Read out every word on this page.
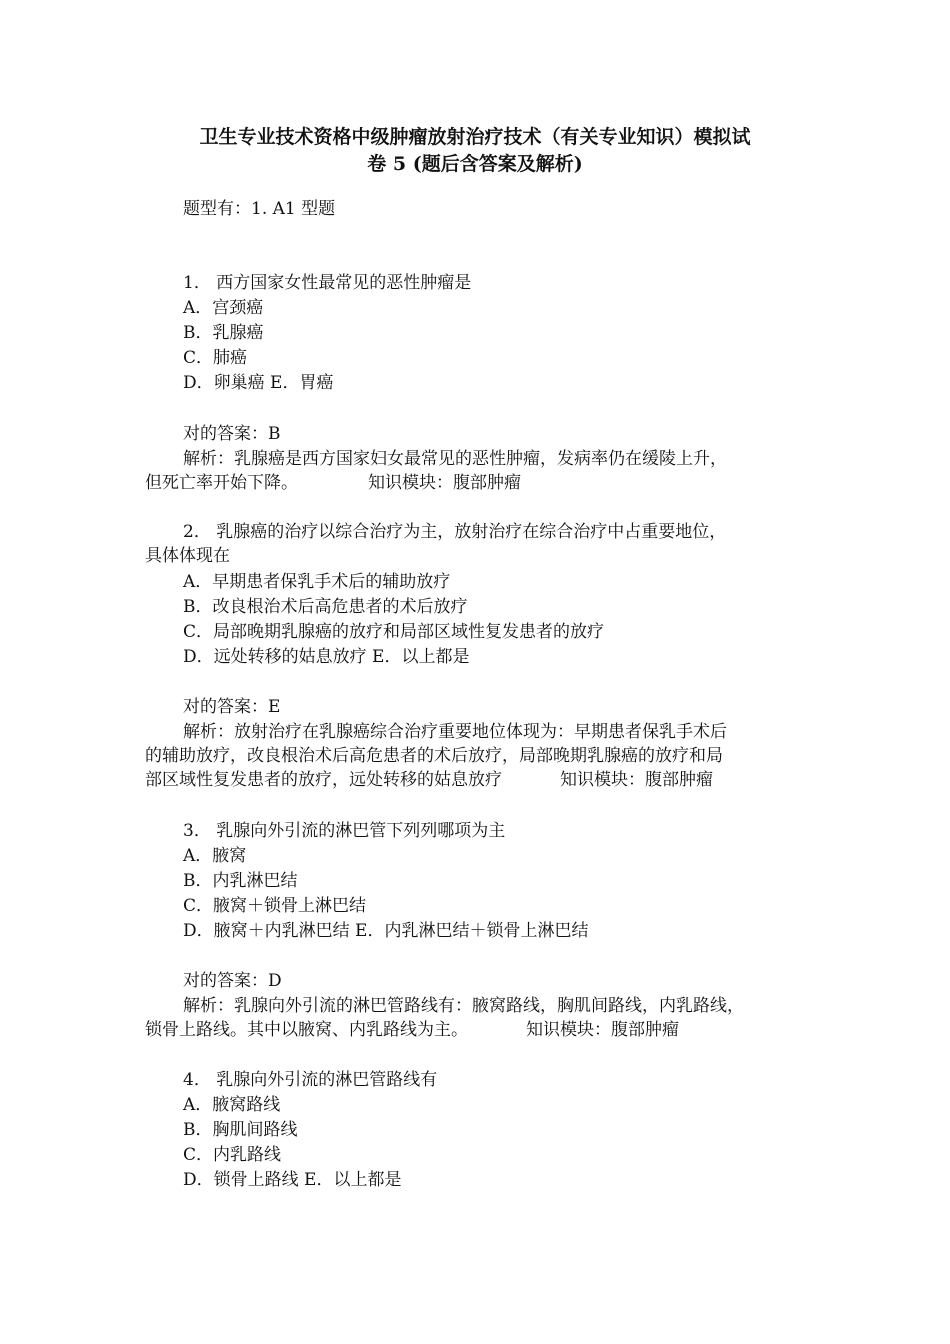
卫生专业技术资格中级肿瘤放射治疗技术（有关专业知识）模拟试
卷 5 (题后含答案及解析)
题型有：1. A1 型题
1． 西方国家女性最常见的恶性肿瘤是
A．宫颈癌
B．乳腺癌
C．肺癌
D．卵巢癌 E．胃癌
对的答案：B
解析：乳腺癌是西方国家妇女最常见的恶性肿瘤，发病率仍在缓陵上升，
但死亡率开始下降。	知识模块：腹部肿瘤
2． 乳腺癌的治疗以综合治疗为主，放射治疗在综合治疗中占重要地位，
具体体现在
A．早期患者保乳手术后的辅助放疗
B．改良根治术后高危患者的术后放疗
C．局部晚期乳腺癌的放疗和局部区域性复发患者的放疗
D．远处转移的姑息放疗 E．以上都是
对的答案：E
解析：放射治疗在乳腺癌综合治疗重要地位体现为：早期患者保乳手术后
的辅助放疗，改良根治术后高危患者的术后放疗，局部晚期乳腺癌的放疗和局
部区域性复发患者的放疗，远处转移的姑息放疗	知识模块：腹部肿瘤
3． 乳腺向外引流的淋巴管下列列哪项为主
A．腋窝
B．内乳淋巴结
C．腋窝＋锁骨上淋巴结
D．腋窝＋内乳淋巴结 E．内乳淋巴结＋锁骨上淋巴结
对的答案：D
解析：乳腺向外引流的淋巴管路线有：腋窝路线，胸肌间路线，内乳路线，
锁骨上路线。其中以腋窝、内乳路线为主。	知识模块：腹部肿瘤
4． 乳腺向外引流的淋巴管路线有
A．腋窝路线
B．胸肌间路线
C．内乳路线
D．锁骨上路线 E．以上都是
